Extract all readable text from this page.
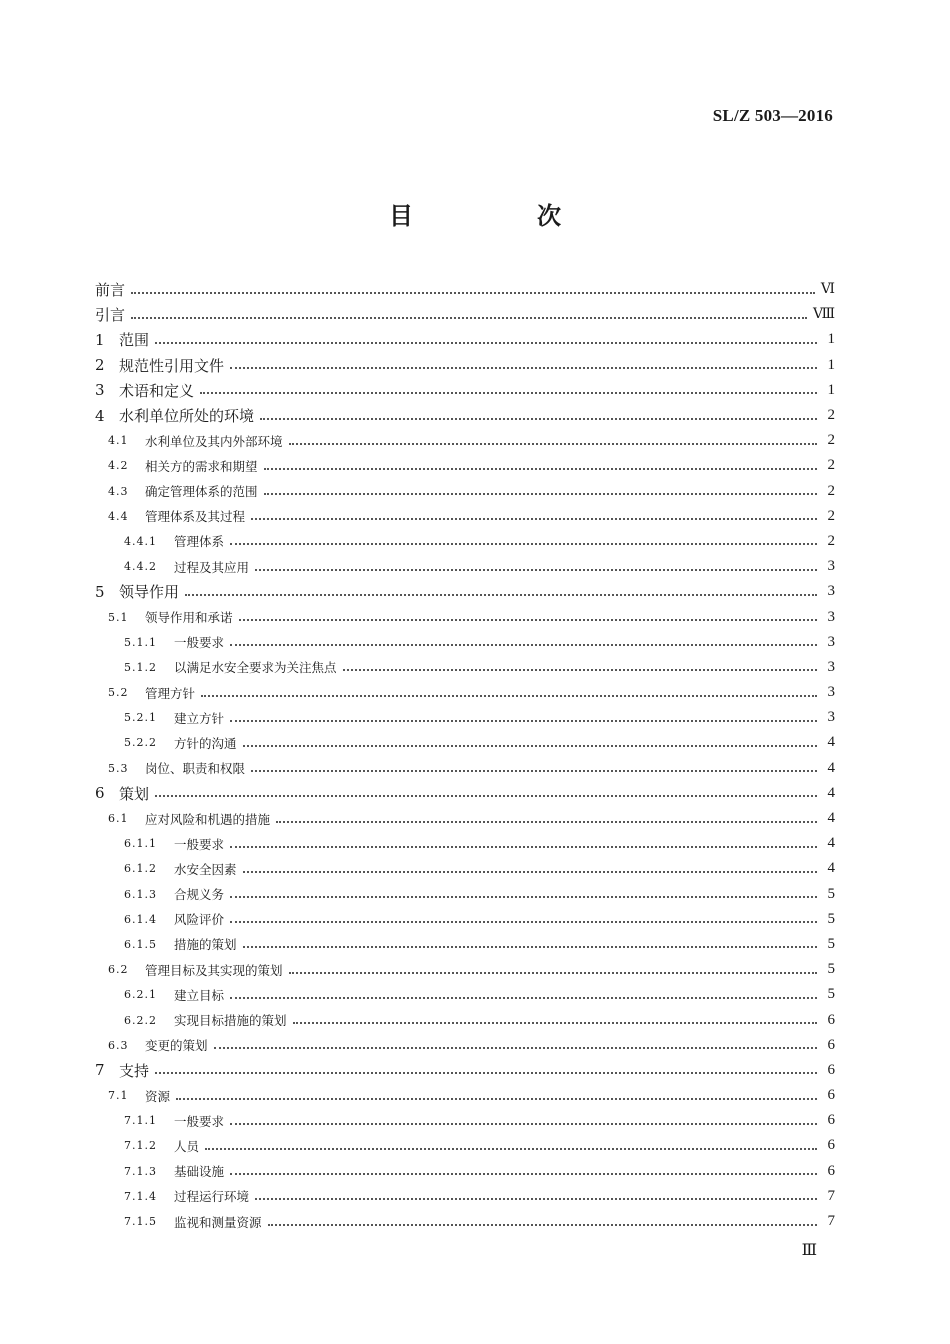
SL/Z 503—2016
目　次
前言	Ⅵ
引言	Ⅷ
1 范围	1
2 规范性引用文件	1
3 术语和定义	1
4 水利单位所处的环境	2
4.1	水利单位及其内外部环境	2
4.2	相关方的需求和期望	2
4.3	确定管理体系的范围	2
4.4	管理体系及其过程	2
4.4.1	管理体系	2
4.4.2	过程及其应用	3
5 领导作用	3
5.1	领导作用和承诺	3
5.1.1	一般要求	3
5.1.2	以满足水安全要求为关注焦点	3
5.2	管理方针	3
5.2.1	建立方针	3
5.2.2	方针的沟通	4
5.3	岗位、职责和权限	4
6 策划	4
6.1	应对风险和机遇的措施	4
6.1.1	一般要求	4
6.1.2	水安全因素	4
6.1.3	合规义务	5
6.1.4	风险评价	5
6.1.5	措施的策划	5
6.2	管理目标及其实现的策划	5
6.2.1	建立目标	5
6.2.2	实现目标措施的策划	6
6.3	变更的策划	6
7 支持	6
7.1	资源	6
7.1.1	一般要求	6
7.1.2	人员	6
7.1.3	基础设施	6
7.1.4	过程运行环境	7
7.1.5	监视和测量资源	7
Ⅲ
